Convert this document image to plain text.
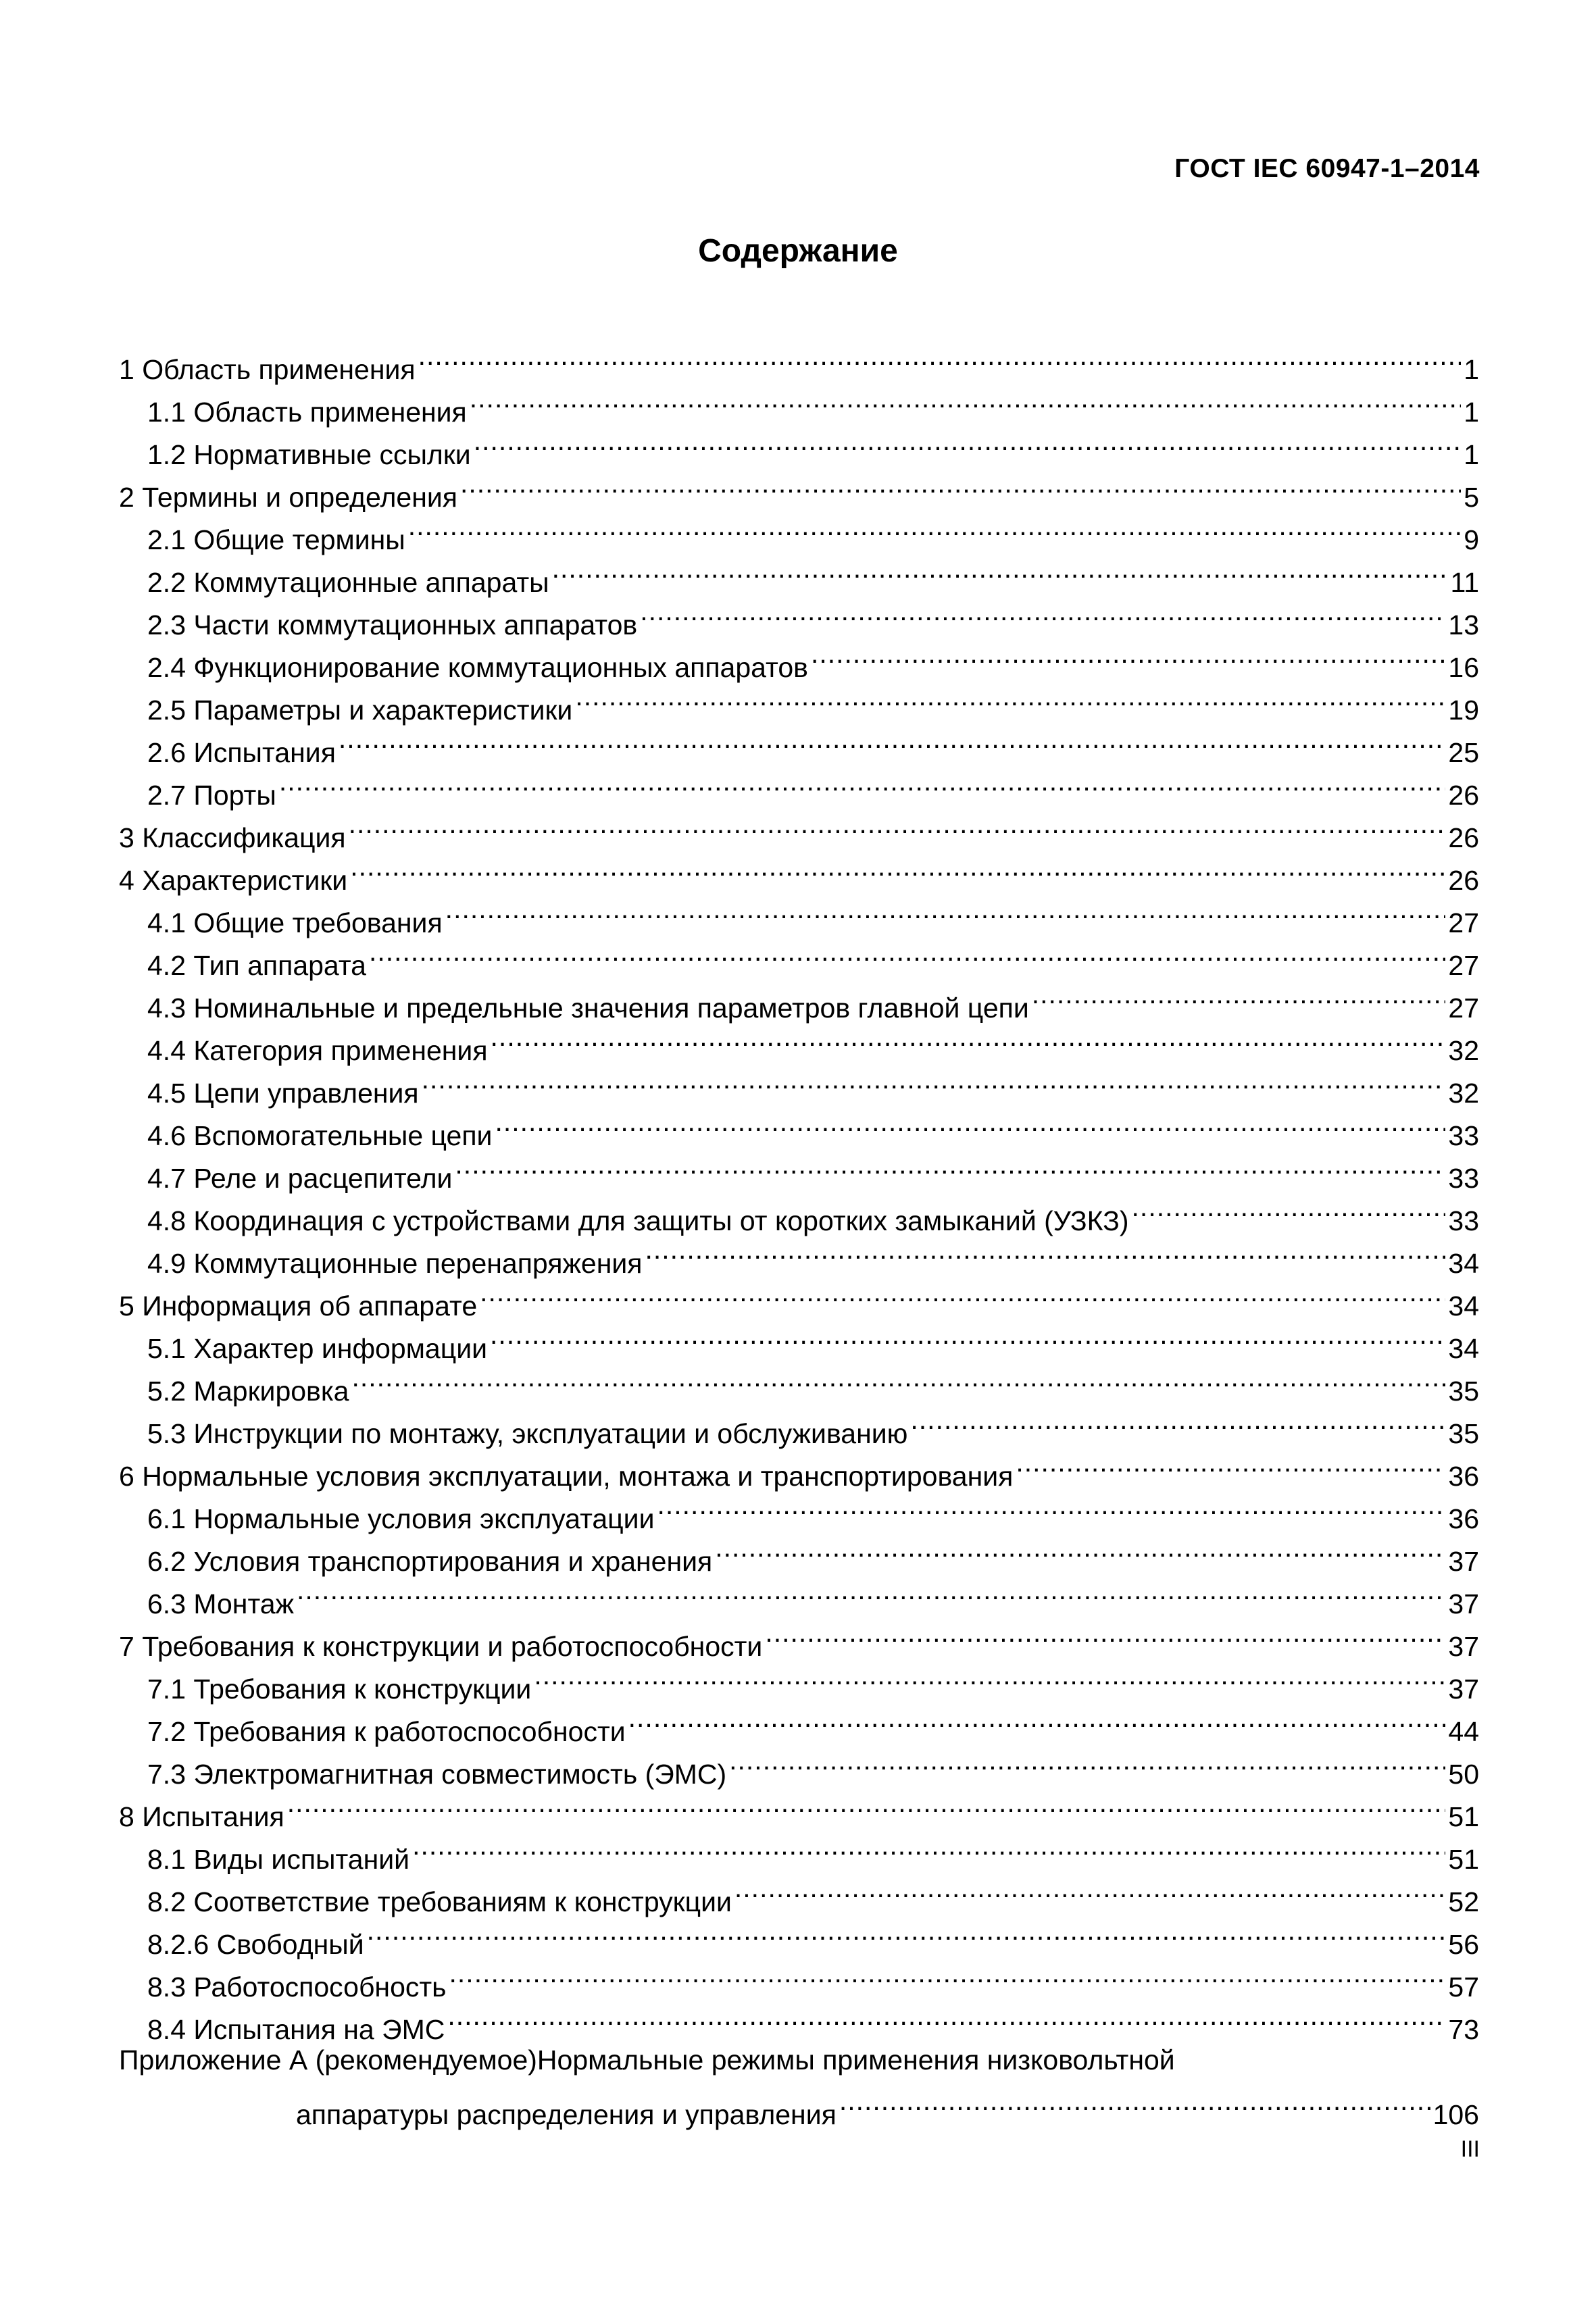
ГОСТ IEC 60947-1–2014
Содержание
1 Область применения .....	1
1.1 Область применения .....	1
1.2 Нормативные ссылки .....	1
2 Термины и определения .....	5
2.1 Общие термины .....	9
2.2 Коммутационные аппараты .....	11
2.3 Части коммутационных аппаратов .....	13
2.4 Функционирование коммутационных аппаратов .....	16
2.5 Параметры и характеристики .....	19
2.6 Испытания .....	25
2.7 Порты .....	26
3 Классификация .....	26
4 Характеристики .....	26
4.1 Общие требования .....	27
4.2 Тип аппарата .....	27
4.3 Номинальные и предельные значения параметров главной цепи .....	27
4.4 Категория применения .....	32
4.5 Цепи управления .....	32
4.6 Вспомогательные цепи .....	33
4.7 Реле и расцепители .....	33
4.8 Координация с устройствами для защиты от коротких замыканий (УЗКЗ) .....	33
4.9 Коммутационные перенапряжения .....	34
5 Информация об аппарате .....	34
5.1 Характер информации .....	34
5.2 Маркировка .....	35
5.3 Инструкции по монтажу, эксплуатации и обслуживанию .....	35
6 Нормальные условия эксплуатации, монтажа и транспортирования .....	36
6.1 Нормальные условия эксплуатации .....	36
6.2 Условия транспортирования и хранения .....	37
6.3 Монтаж .....	37
7 Требования к конструкции и работоспособности .....	37
7.1 Требования к конструкции .....	37
7.2 Требования к работоспособности .....	44
7.3 Электромагнитная совместимость (ЭМС) .....	50
8 Испытания .....	51
8.1 Виды испытаний .....	51
8.2 Соответствие требованиям к конструкции .....	52
8.2.6 Свободный .....	56
8.3 Работоспособность .....	57
8.4 Испытания на ЭМС .....	73
Приложение А (рекомендуемое)Нормальные режимы применения низковольтной
аппаратуры распределения и управления .....	106
III
